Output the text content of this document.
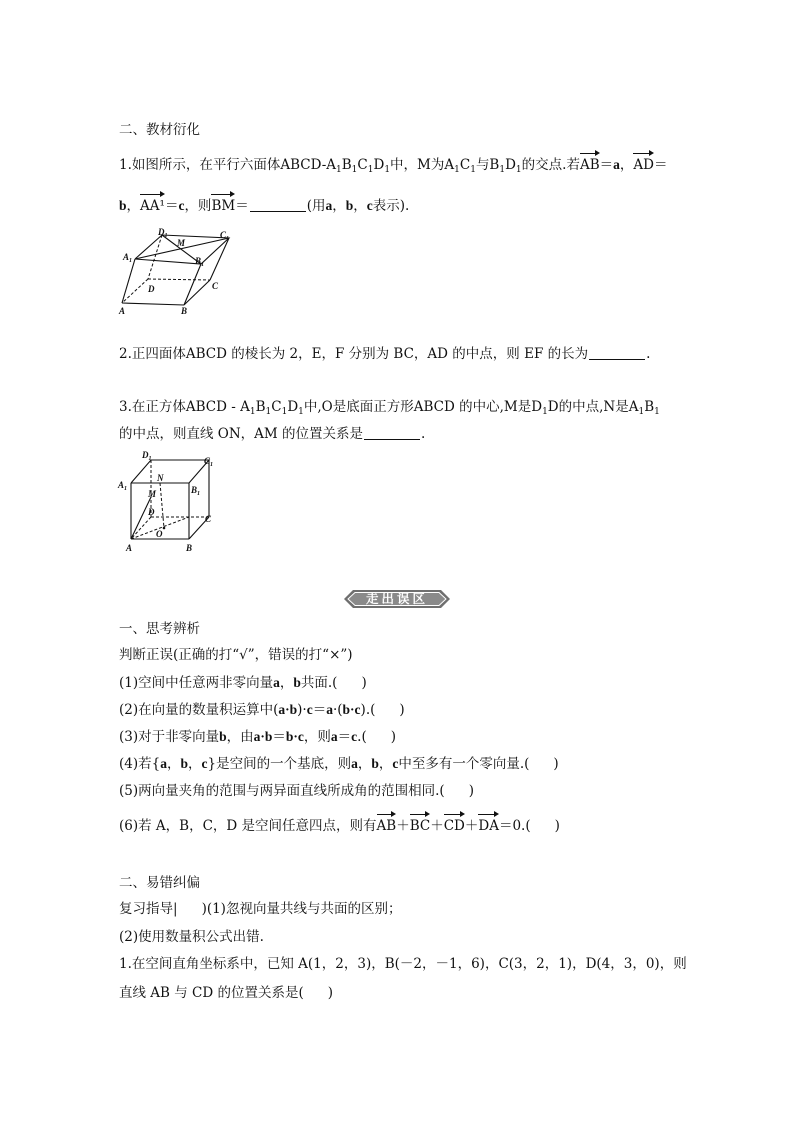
二、教材衍化
1.如图所示，在平行六面体ABCD-$A_1B_1C_1D_1$中，M为$A_1C_1$与$B_1D_1$的交点.若AB＝a，AD＝
b，AA¹＝c，则BM＝	(用a，b，c表示).
$D_1$
M
$C_1$
$A_1$	$B_1$
D	C
A	B
2.正四面体ABCD 的棱长为 2，E，F 分别为 BC，AD 的中点，则 EF 的长为	.
3.在正方体ABCD ‐ $A_1B_1C_1D_1$中,O是底面正方形ABCD 的中心,M是$D_1D$的中点,N是$A_1B_1$
的中点，则直线 ON，AM 的位置关系是	.
$D_1$	$C_1$
$A_1$	$B_1$
N
M
D
C
O
A	B
走出误区
一、思考辨析
判断正误(正确的打“√”，错误的打“×”)
(1)空间中任意两非零向量a，b共面.( )
(2)在向量的数量积运算中(a·b)·c＝a·(b·c).( )
(3)对于非零向量b，由a·b＝b·c，则a＝c.( )
(4)若{a，b，c}是空间的一个基底，则a，b，c中至多有一个零向量.( )
(5)两向量夹角的范围与两异面直线所成角的范围相同.( )
(6)若 A，B，C，D 是空间任意四点，则有AB＋BC＋CD＋DA＝0.( )
二、易错纠偏
复习指导| )(1)忽视向量共线与共面的区别；
(2)使用数量积公式出错.
1.在空间直角坐标系中，已知 A(1，2，3)，B(－2，－1，6)，C(3，2，1)，D(4，3，0)，则
直线 AB 与 CD 的位置关系是( )
